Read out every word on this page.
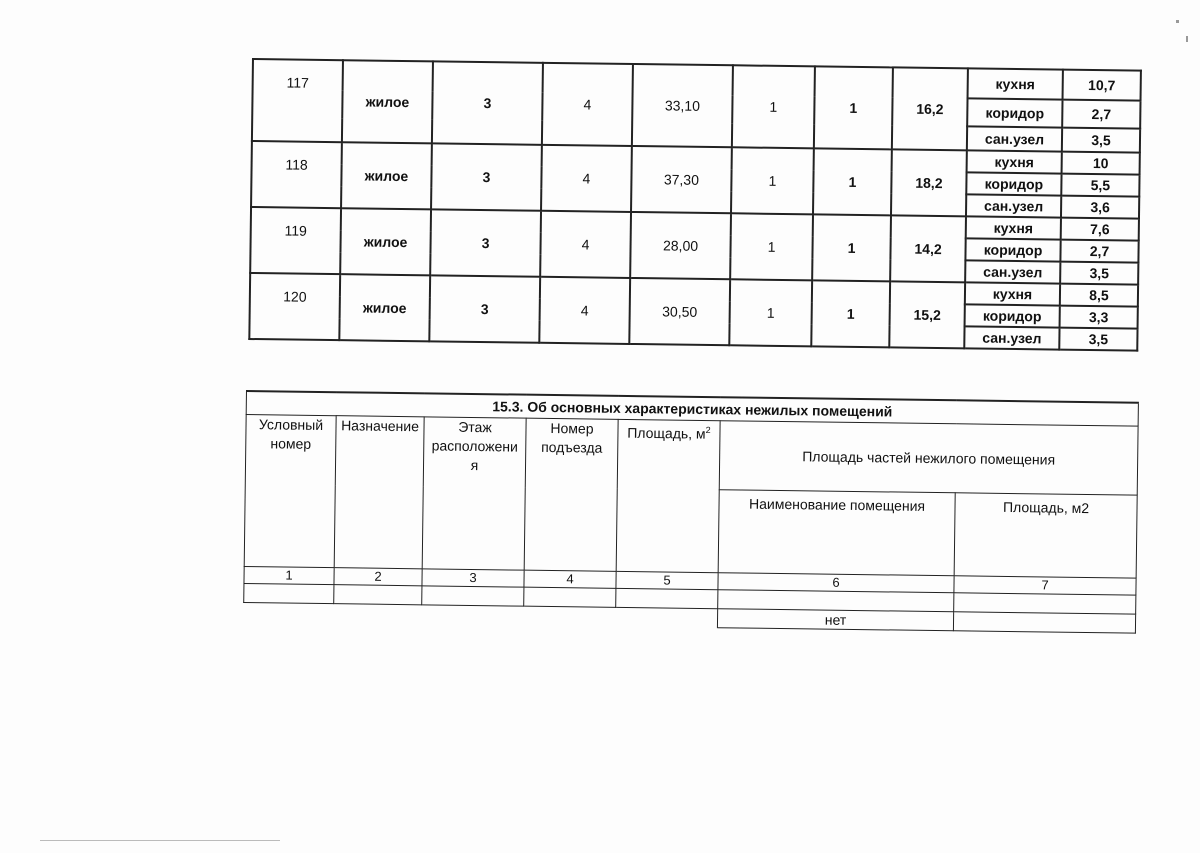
117	жилое	3	4	33,10	1	1	16,2	кухня	10,7
								коридор	2,7
								сан.узел	3,5
118	жилое	3	4	37,30	1	1	18,2	кухня	10
								коридор	5,5
								сан.узел	3,6
119	жилое	3	4	28,00	1	1	14,2	кухня	7,6
								коридор	2,7
								сан.узел	3,5
120	жилое	3	4	30,50	1	1	15,2	кухня	8,5
								коридор	3,3
								сан.узел	3,5
15.3. Об основных характеристиках нежилых помещений						
Условный номер	Назначение	Этаж расположени я	Номер подъезда	Площадь, $м^2$	Площадь частей нежилого помещения	
					Наименование помещения	Площадь, м2
1	2	3	4	5	6	7

					нет	
